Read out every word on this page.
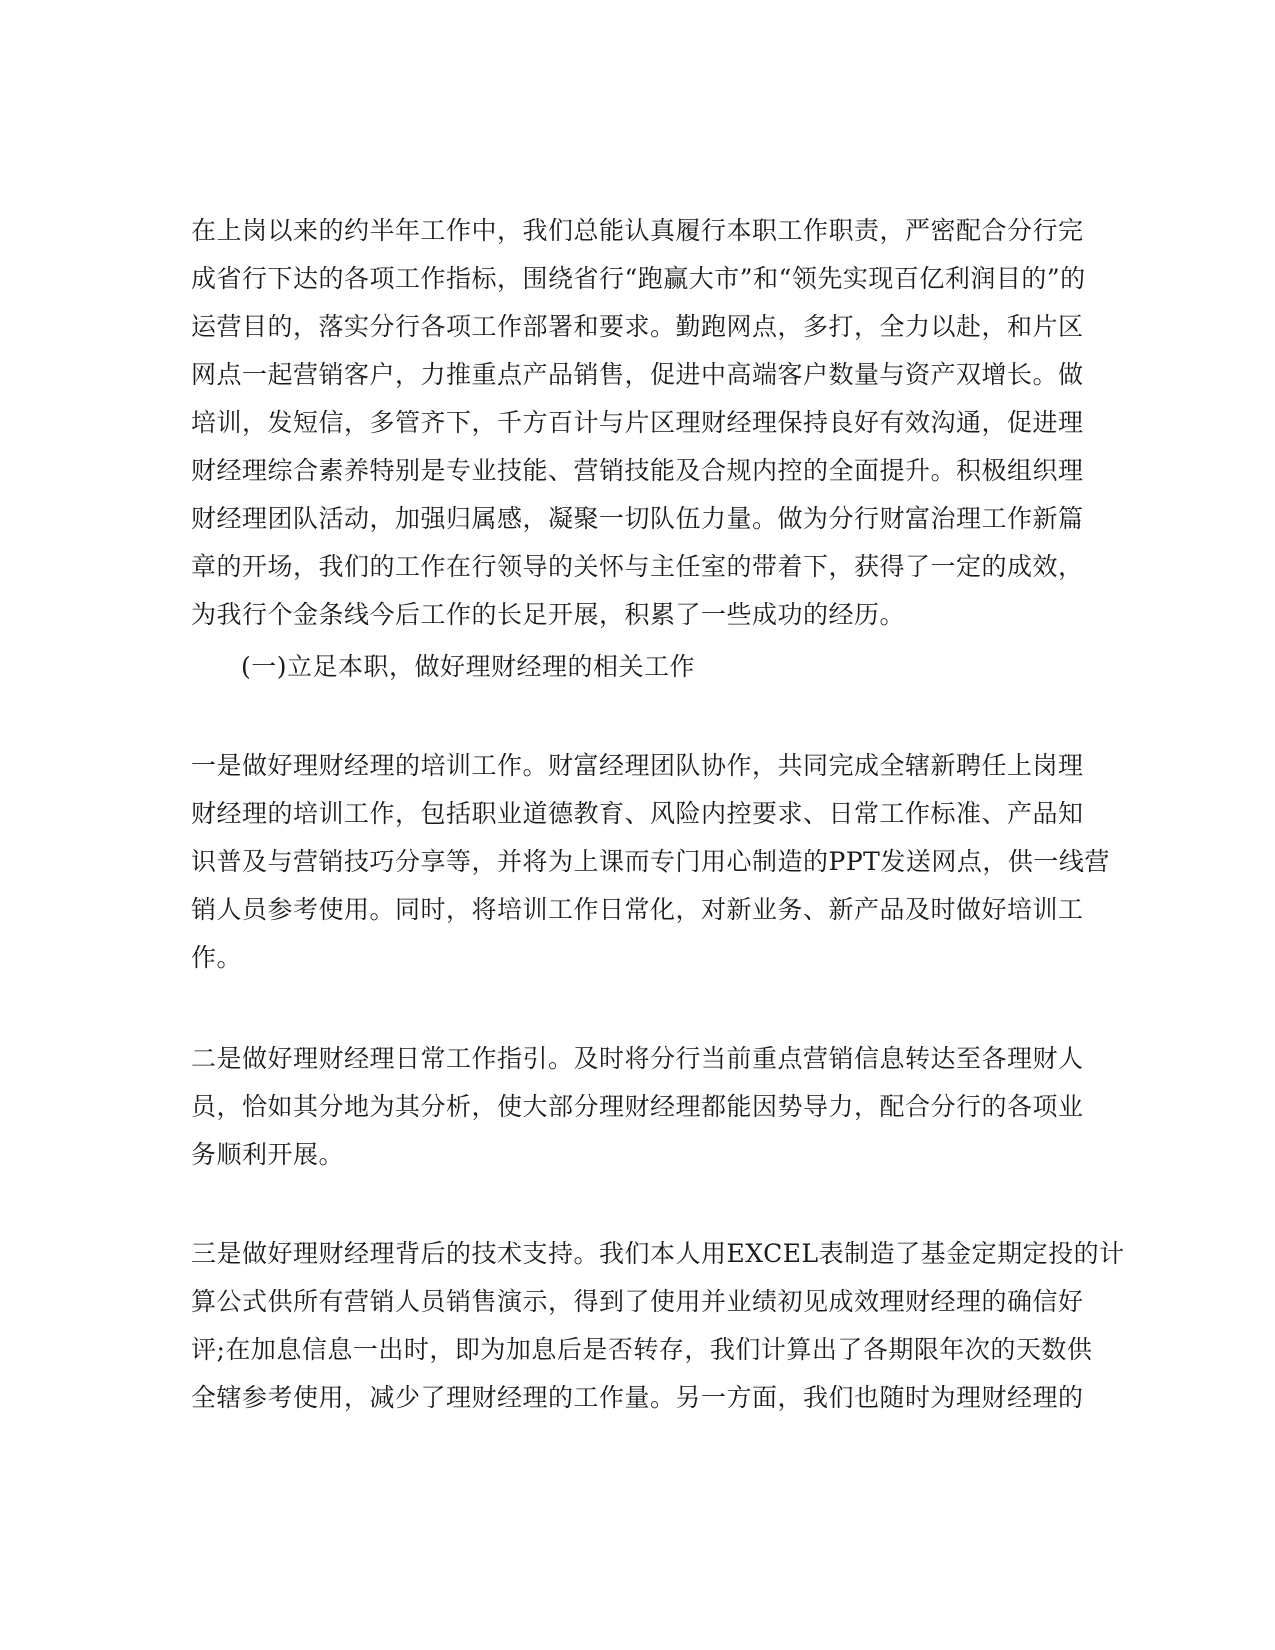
在上岗以来的约半年工作中，我们总能认真履行本职工作职责，严密配合分行完
成省行下达的各项工作指标，围绕省行“跑赢大市”和“领先实现百亿利润目的”的
运营目的，落实分行各项工作部署和要求。勤跑网点，多打，全力以赴，和片区
网点一起营销客户，力推重点产品销售，促进中高端客户数量与资产双增长。做
培训，发短信，多管齐下，千方百计与片区理财经理保持良好有效沟通，促进理
财经理综合素养特别是专业技能、营销技能及合规内控的全面提升。积极组织理
财经理团队活动，加强归属感，凝聚一切队伍力量。做为分行财富治理工作新篇
章的开场，我们的工作在行领导的关怀与主任室的带着下，获得了一定的成效，
为我行个金条线今后工作的长足开展，积累了一些成功的经历。
(一)立足本职，做好理财经理的相关工作
一是做好理财经理的培训工作。财富经理团队协作，共同完成全辖新聘任上岗理
财经理的培训工作，包括职业道德教育、风险内控要求、日常工作标准、产品知
识普及与营销技巧分享等，并将为上课而专门用心制造的PPT发送网点，供一线营
销人员参考使用。同时，将培训工作日常化，对新业务、新产品及时做好培训工
作。
二是做好理财经理日常工作指引。及时将分行当前重点营销信息转达至各理财人
员，恰如其分地为其分析，使大部分理财经理都能因势导力，配合分行的各项业
务顺利开展。
三是做好理财经理背后的技术支持。我们本人用EXCEL表制造了基金定期定投的计
算公式供所有营销人员销售演示，得到了使用并业绩初见成效理财经理的确信好
评;在加息信息一出时，即为加息后是否转存，我们计算出了各期限年次的天数供
全辖参考使用，减少了理财经理的工作量。另一方面，我们也随时为理财经理的
